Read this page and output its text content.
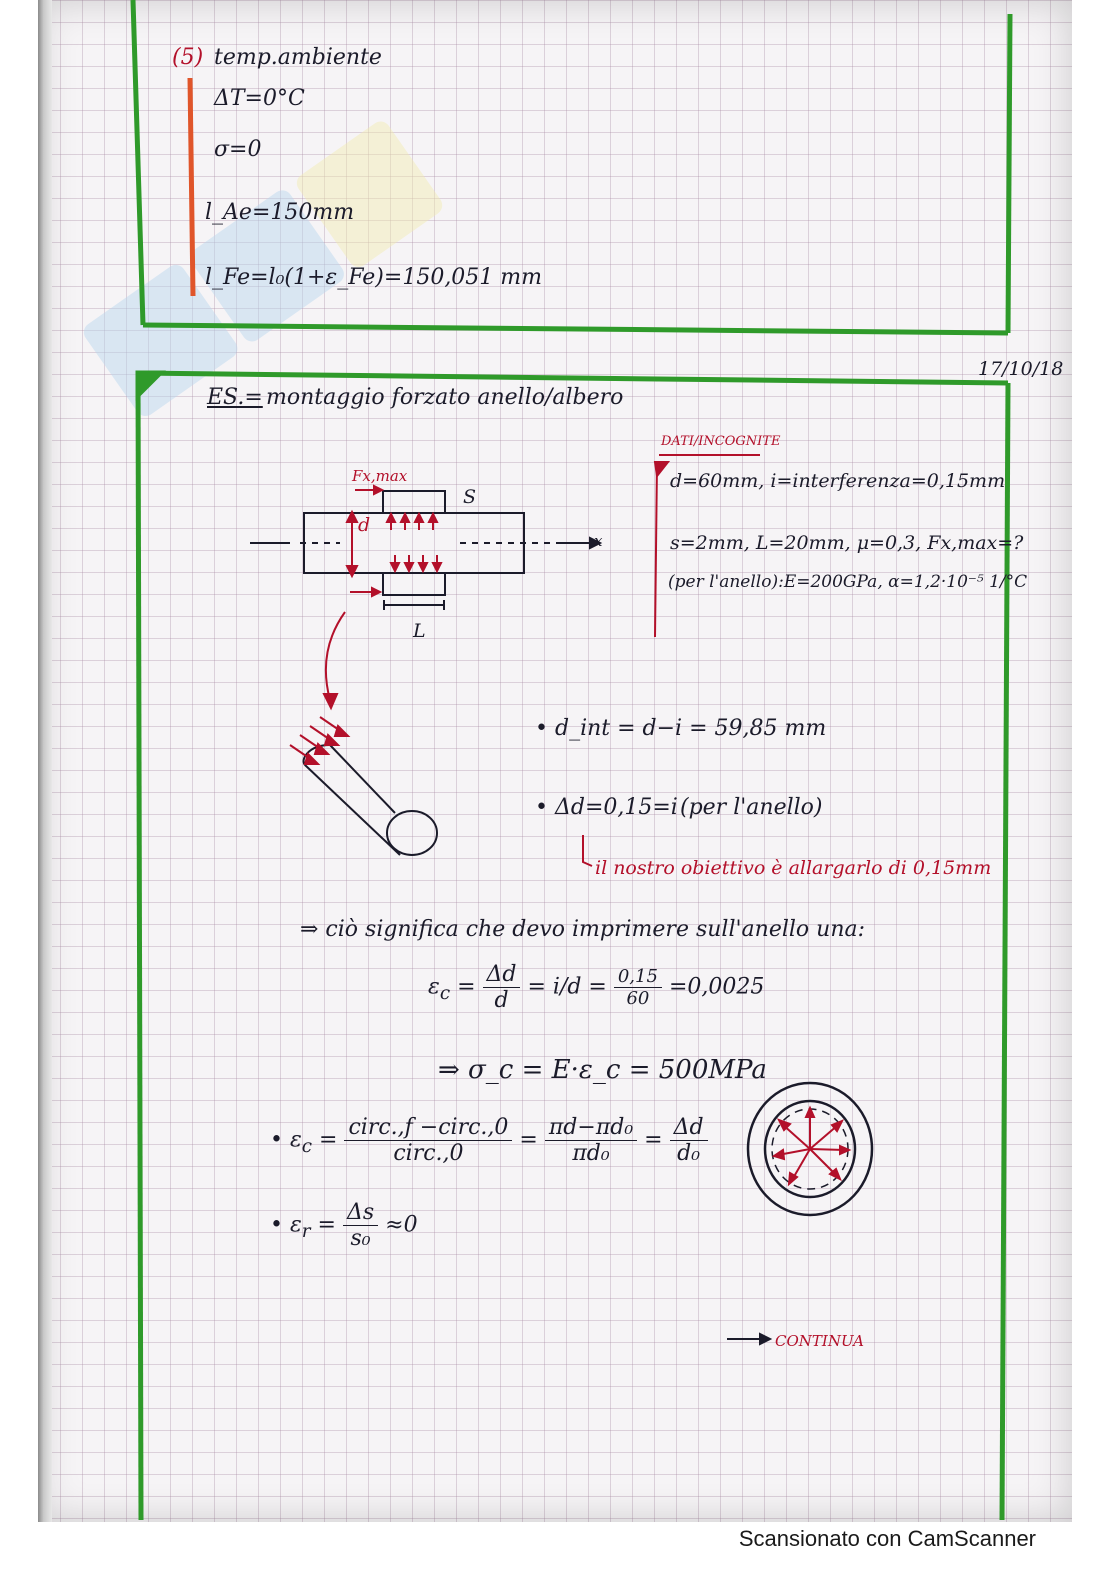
(5) temp.ambiente
ΔT=0°C
σ=0
l_Ae=150mm
l_Fe=l₀(1+ε_Fe)=150,051 mm
17/10/18
ES.= montaggio forzato anello/albero
Fx,max
S
d
x
L
DATI/INCOGNITE
d=60mm, i=interferenza=0,15mm
s=2mm, L=20mm, μ=0,3, Fx,max=?
(per l'anello):E=200GPa, α=1,2·10⁻⁵ 1/°C
• d_int = d−i = 59,85 mm
• Δd=0,15=i (per l'anello)
il nostro obiettivo è allargarlo di 0,15mm
⇒ ciò significa che devo imprimere sull'anello una:
$\varepsilon_c = \frac{\Delta d}{d} = i/d = \frac{0,15}{60} =0,0025$
⇒ σ_c = E·ε_c = 500MPa
• $\varepsilon_c = \frac{\text{circ.,f −circ.,0}}{\text{circ.,0}} = \frac{\text{πd−πd₀}}{\text{πd₀}} = \frac{\Delta d}{\text{d₀}}$
• $\varepsilon_r = \frac{\Delta s}{\text{s₀}} \approx 0$
CONTINUA
Scansionato con CamScanner
